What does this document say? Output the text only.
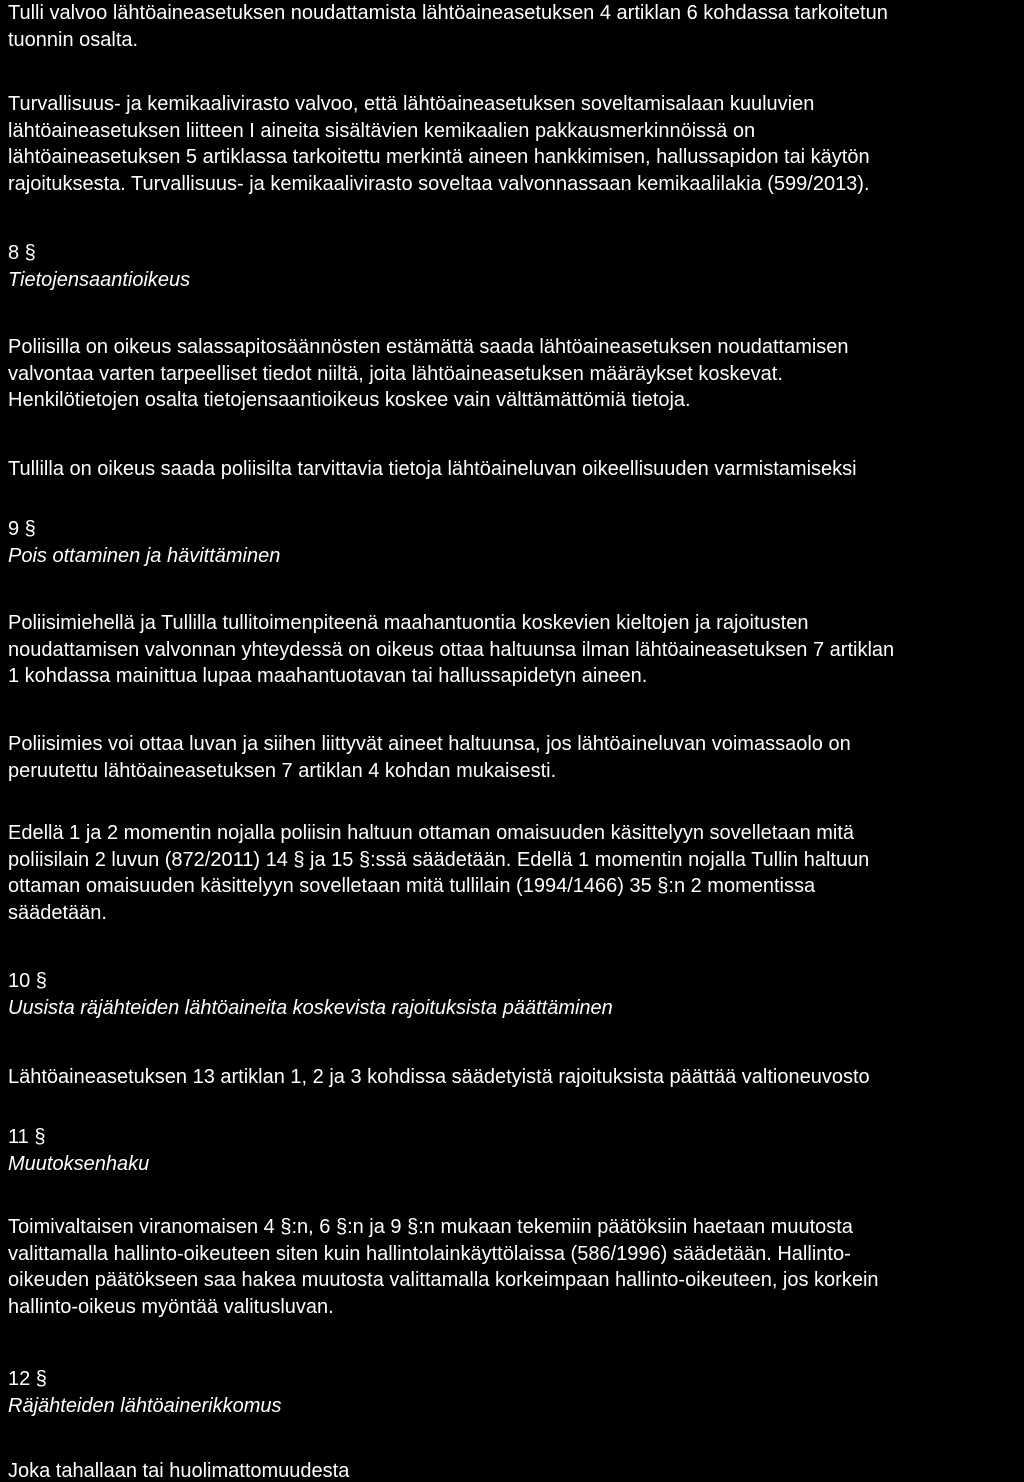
Tulli valvoo lähtöaineasetuksen noudattamista lähtöaineasetuksen 4 artiklan 6 kohdassa tarkoitetun
tuonnin osalta.
Turvallisuus- ja kemikaalivirasto valvoo, että lähtöaineasetuksen soveltamisalaan kuuluvien
lähtöaineasetuksen liitteen I aineita sisältävien kemikaalien pakkausmerkinnöissä on
lähtöaineasetuksen 5 artiklassa tarkoitettu merkintä aineen hankkimisen, hallussapidon tai käytön
rajoituksesta. Turvallisuus- ja kemikaalivirasto soveltaa valvonnassaan kemikaalilakia (599/2013).
8 §
Tietojensaantioikeus
Poliisilla on oikeus salassapitosäännösten estämättä saada lähtöaineasetuksen noudattamisen
valvontaa varten tarpeelliset tiedot niiltä, joita lähtöaineasetuksen määräykset koskevat.
Henkilötietojen osalta tietojensaantioikeus koskee vain välttämättömiä tietoja.
Tullilla on oikeus saada poliisilta tarvittavia tietoja lähtöaineluvan oikeellisuuden varmistamiseksi
9 §
Pois ottaminen ja hävittäminen
Poliisimiehellä ja Tullilla tullitoimenpiteenä maahantuontia koskevien kieltojen ja rajoitusten
noudattamisen valvonnan yhteydessä on oikeus ottaa haltuunsa ilman lähtöaineasetuksen 7 artiklan
1 kohdassa mainittua lupaa maahantuotavan tai hallussapidetyn aineen.
Poliisimies voi ottaa luvan ja siihen liittyvät aineet haltuunsa, jos lähtöaineluvan voimassaolo on
peruutettu lähtöaineasetuksen 7 artiklan 4 kohdan mukaisesti.
Edellä 1 ja 2 momentin nojalla poliisin haltuun ottaman omaisuuden käsittelyyn sovelletaan mitä
poliisilain 2 luvun (872/2011) 14 § ja 15 §:ssä säädetään. Edellä 1 momentin nojalla Tullin haltuun
ottaman omaisuuden käsittelyyn sovelletaan mitä tullilain (1994/1466) 35 §:n 2 momentissa
säädetään.
10 §
Uusista räjähteiden lähtöaineita koskevista rajoituksista päättäminen
Lähtöaineasetuksen 13 artiklan 1, 2 ja 3 kohdissa säädetyistä rajoituksista päättää valtioneuvosto
11 §
Muutoksenhaku
Toimivaltaisen viranomaisen 4 §:n, 6 §:n ja 9 §:n mukaan tekemiin päätöksiin haetaan muutosta
valittamalla hallinto-oikeuteen siten kuin hallintolainkäyttölaissa (586/1996) säädetään. Hallinto-
oikeuden päätökseen saa hakea muutosta valittamalla korkeimpaan hallinto-oikeuteen, jos korkein
hallinto-oikeus myöntää valitusluvan.
12 §
Räjähteiden lähtöainerikkomus
Joka tahallaan tai huolimattomuudesta
